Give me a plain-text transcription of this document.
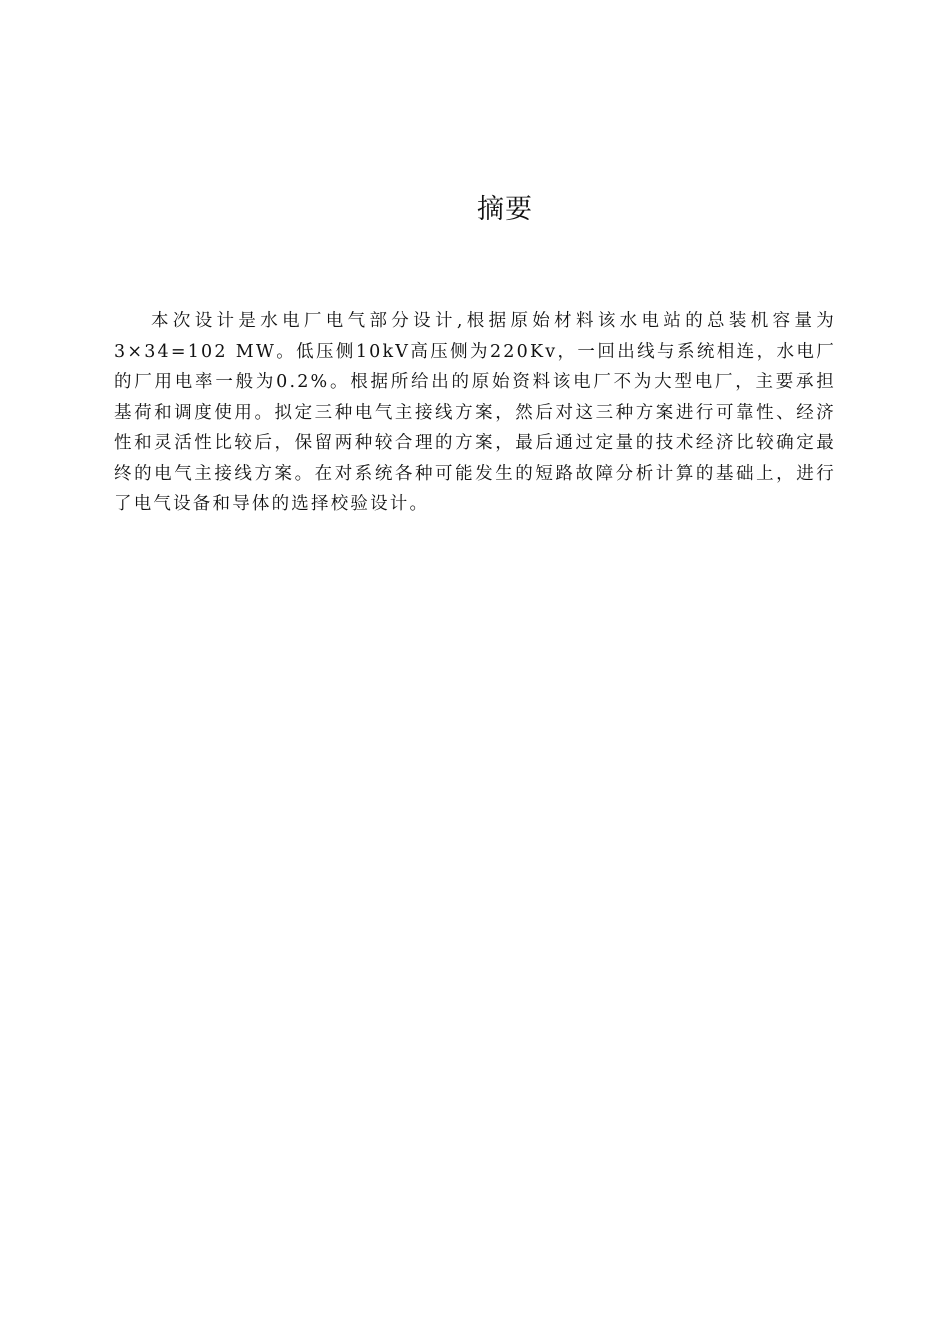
摘要

本次设计是水电厂电气部分设计,根据原始材料该水电站的总装机容量为3×34=102 MW。低压侧10kV高压侧为220Kv，一回出线与系统相连，水电厂的厂用电率一般为0.2%。根据所给出的原始资料该电厂不为大型电厂，主要承担基荷和调度使用。拟定三种电气主接线方案，然后对这三种方案进行可靠性、经济性和灵活性比较后，保留两种较合理的方案，最后通过定量的技术经济比较确定最终的电气主接线方案。在对系统各种可能发生的短路故障分析计算的基础上，进行了电气设备和导体的选择校验设计。
